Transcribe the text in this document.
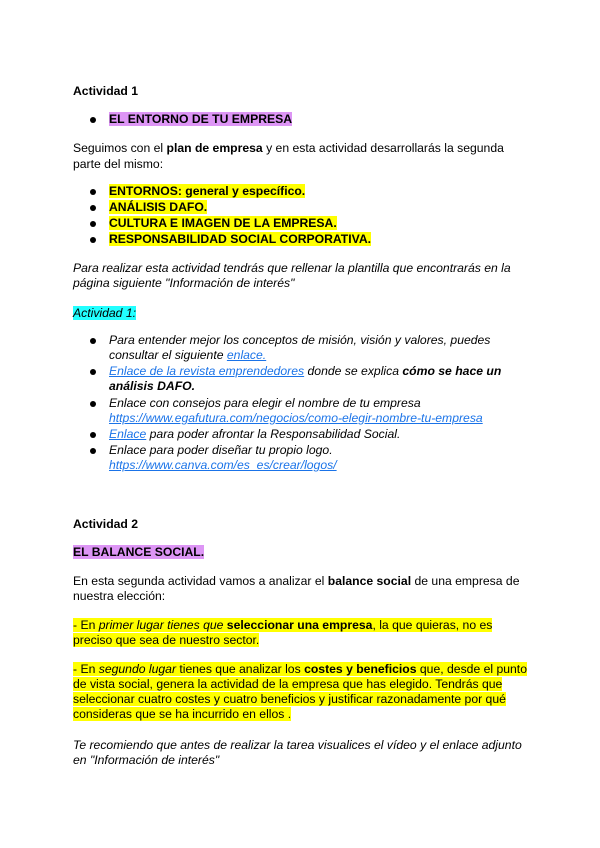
Actividad 1
EL ENTORNO DE TU EMPRESA
Seguimos con el plan de empresa y en esta actividad desarrollarás la segunda
parte del mismo:
ENTORNOS: general y específico.
ANÁLISIS DAFO.
CULTURA E IMAGEN DE LA EMPRESA.
RESPONSABILIDAD SOCIAL CORPORATIVA.
Para realizar esta actividad tendrás que rellenar la plantilla que encontrarás en la
página siguiente "Información de interés"
Actividad 1:
Para entender mejor los conceptos de misión, visión y valores, puedes
consultar el siguiente enlace.
Enlace de la revista emprendedores donde se explica cómo se hace un
análisis DAFO.
Enlace con consejos para elegir el nombre de tu empresa
https://www.egafutura.com/negocios/como-elegir-nombre-tu-empresa
Enlace para poder afrontar la Responsabilidad Social.
Enlace para poder diseñar tu propio logo.
https://www.canva.com/es_es/crear/logos/
Actividad 2
EL BALANCE SOCIAL.
En esta segunda actividad vamos a analizar el balance social de una empresa de
nuestra elección:
- En primer lugar tienes que seleccionar una empresa, la que quieras, no es
preciso que sea de nuestro sector.
- En segundo lugar tienes que analizar los costes y beneficios que, desde el punto
de vista social, genera la actividad de la empresa que has elegido. Tendrás que
seleccionar cuatro costes y cuatro beneficios y justificar razonadamente por qué
consideras que se ha incurrido en ellos .
Te recomiendo que antes de realizar la tarea visualices el vídeo y el enlace adjunto
en "Información de interés"
